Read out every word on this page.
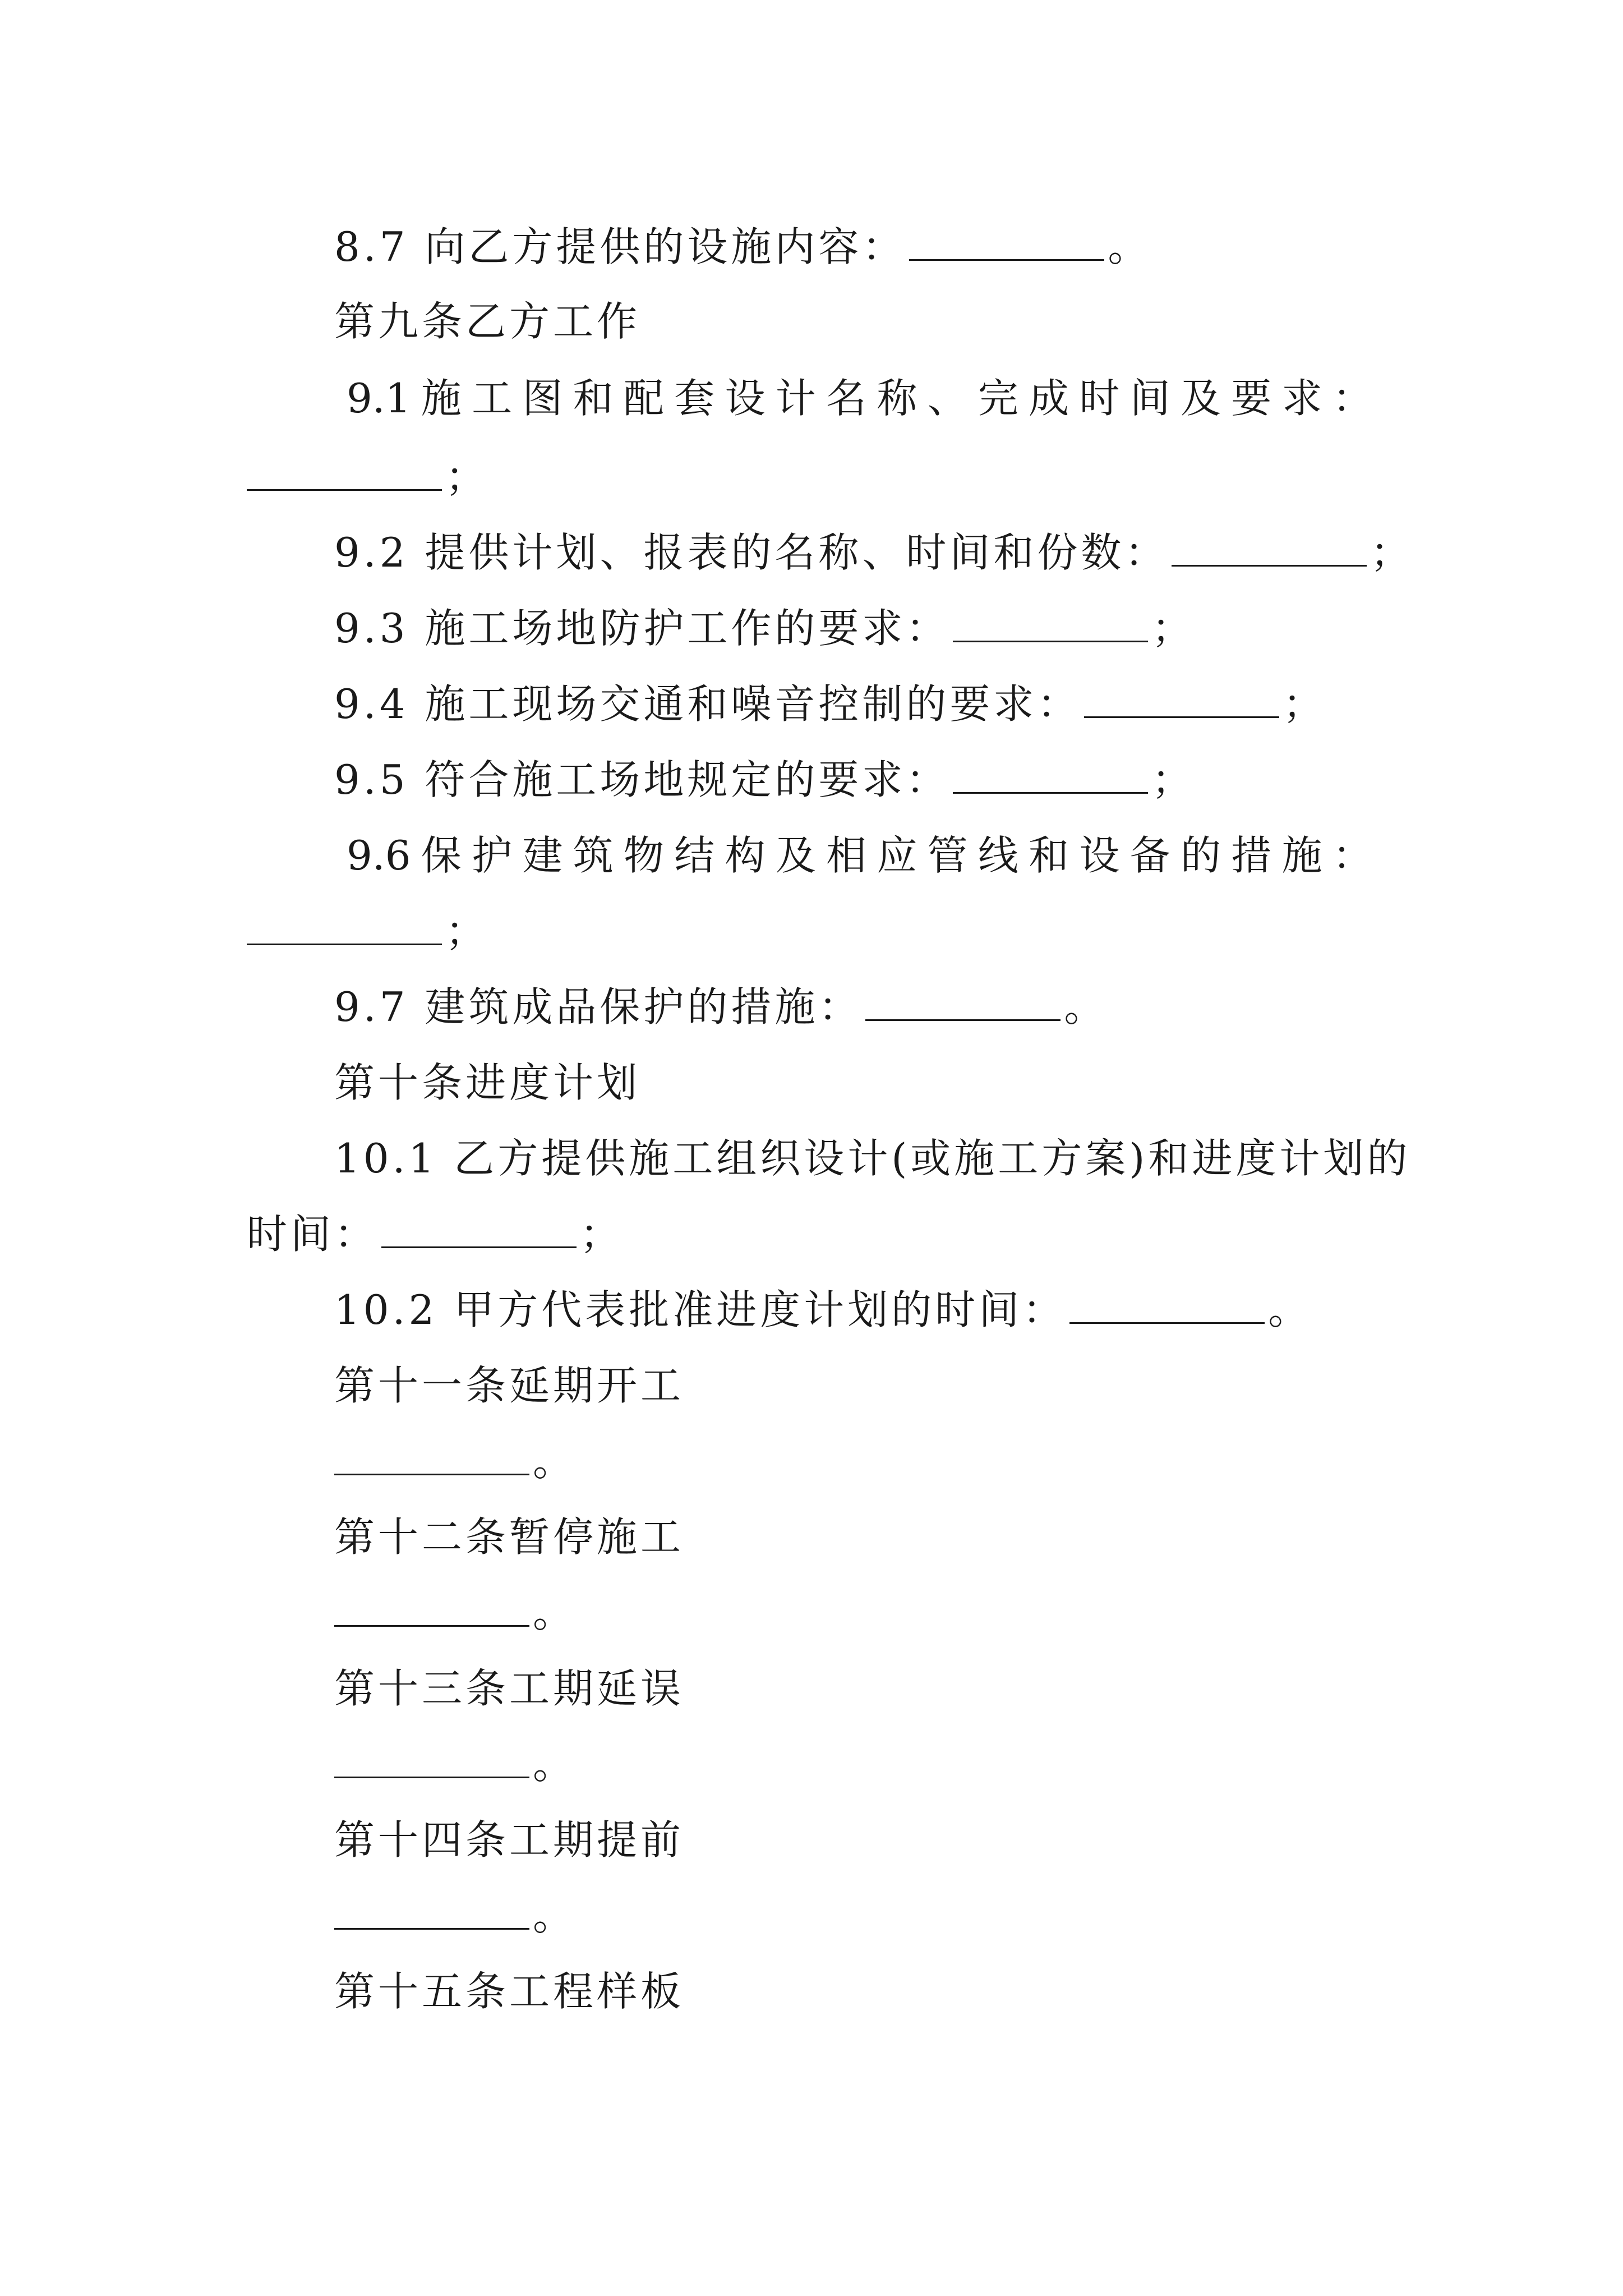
8.7 向乙方提供的设施内容：	。
第九条乙方工作
9.1 施 工 图 和 配 套 设 计 名 称 、 完 成 时 间 及 要 求 ：
；
9.2 提供计划、报表的名称、时间和份数：	；
9.3 施工场地防护工作的要求：	；
9.4 施工现场交通和噪音控制的要求：	；
9.5 符合施工场地规定的要求：	；
9.6 保 护 建 筑 物 结 构 及 相 应 管 线 和 设 备 的 措 施 ：
；
9.7 建筑成品保护的措施：	。
第十条进度计划
10.1 乙方提供施工组织设计(或施工方案)和进度计划的
时间：	；
10.2 甲方代表批准进度计划的时间：	。
第十一条延期开工
。
第十二条暂停施工
。
第十三条工期延误
。
第十四条工期提前
。
第十五条工程样板
